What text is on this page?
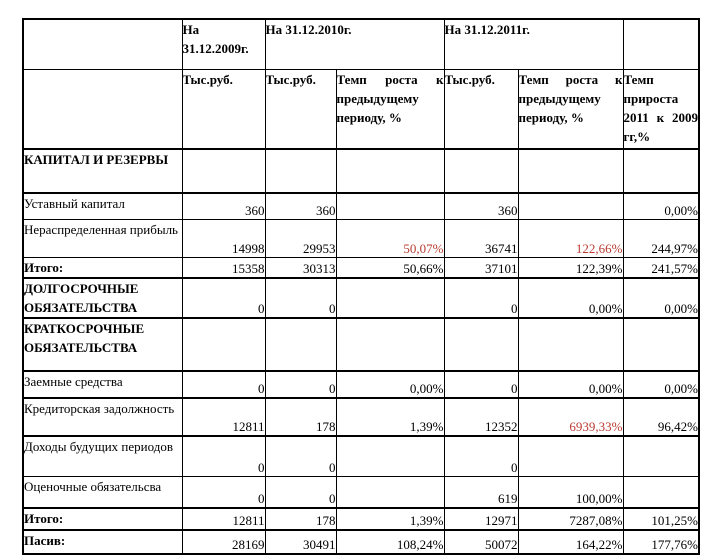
	На 31.12.2009г.	На 31.12.2010г.		На 31.12.2011г.		
	Тыс.руб.	Тыс.руб.	Темп роста к предыдущему периоду, %	Тыс.руб.	Темп роста к предыдущему периоду, %	Темп прироста 2011 к 2009 гг,%
КАПИТАЛ И РЕЗЕРВЫ						
Уставный капитал	360	360		360		0,00%
Нераспределенная прибыль	14998	29953	50,07%	36741	122,66%	244,97%
Итого:	15358	30313	50,66%	37101	122,39%	241,57%
ДОЛГОСРОЧНЫЕ ОБЯЗАТЕЛЬСТВА	0	0		0	0,00%	0,00%
КРАТКОСРОЧНЫЕ ОБЯЗАТЕЛЬСТВА						
Заемные средства	0	0	0,00%	0	0,00%	0,00%
Кредиторская задолжность	12811	178	1,39%	12352	6939,33%	96,42%
Доходы будущих периодов	0	0		0		
Оценочные обязательсва	0	0		619	100,00%	
Итого:	12811	178	1,39%	12971	7287,08%	101,25%
Пасив:	28169	30491	108,24%	50072	164,22%	177,76%
